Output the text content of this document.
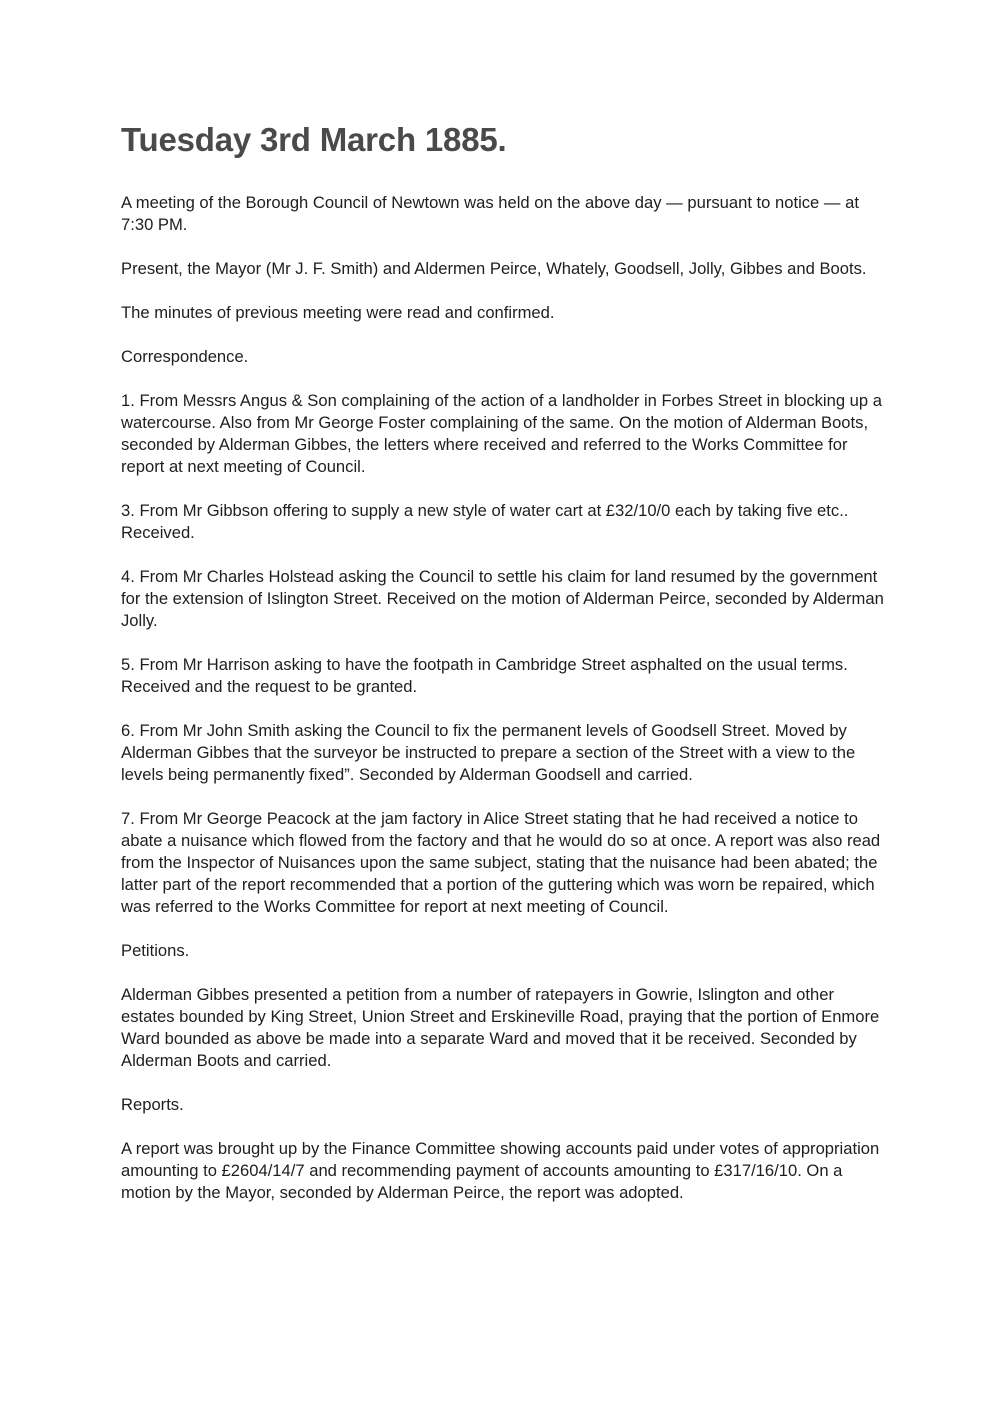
Tuesday 3rd March 1885.

A meeting of the Borough Council of Newtown was held on the above day — pursuant to notice — at 7:30 PM.

Present, the Mayor (Mr J. F. Smith) and Aldermen Peirce, Whately, Goodsell, Jolly, Gibbes and Boots.

The minutes of previous meeting were read and confirmed.

Correspondence.

1. From Messrs Angus & Son complaining of the action of a landholder in Forbes Street in blocking up a watercourse. Also from Mr George Foster complaining of the same. On the motion of Alderman Boots, seconded by Alderman Gibbes, the letters where received and referred to the Works Committee for report at next meeting of Council.

3. From Mr Gibbson offering to supply a new style of water cart at £32/10/0 each by taking five etc.. Received.

4. From Mr Charles Holstead asking the Council to settle his claim for land resumed by the government for the extension of Islington Street. Received on the motion of Alderman Peirce, seconded by Alderman Jolly.

5. From Mr Harrison asking to have the footpath in Cambridge Street asphalted on the usual terms. Received and the request to be granted.

6. From Mr John Smith asking the Council to fix the permanent levels of Goodsell Street. Moved by Alderman Gibbes that the surveyor be instructed to prepare a section of the Street with a view to the levels being permanently fixed”. Seconded by Alderman Goodsell and carried.

7. From Mr George Peacock at the jam factory in Alice Street stating that he had received a notice to abate a nuisance which flowed from the factory and that he would do so at once. A report was also read from the Inspector of Nuisances upon the same subject, stating that the nuisance had been abated; the latter part of the report recommended that a portion of the guttering which was worn be repaired, which was referred to the Works Committee for report at next meeting of Council.

Petitions.

Alderman Gibbes presented a petition from a number of ratepayers in Gowrie, Islington and other estates bounded by King Street, Union Street and Erskineville Road, praying that the portion of Enmore Ward bounded as above be made into a separate Ward and moved that it be received. Seconded by Alderman Boots and carried.

Reports.

A report was brought up by the Finance Committee showing accounts paid under votes of appropriation amounting to £2604/14/7 and recommending payment of accounts amounting to £317/16/10. On a motion by the Mayor, seconded by Alderman Peirce, the report was adopted.
